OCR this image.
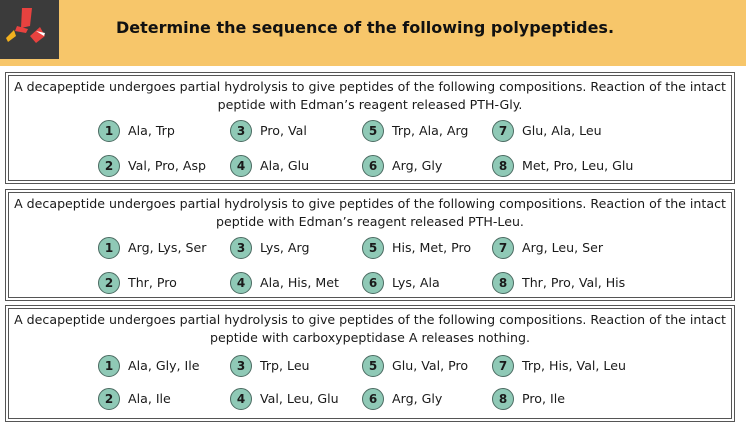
Determine the sequence of the following polypeptides.
A decapeptide undergoes partial hydrolysis to give peptides of the following compositions. Reaction of the intact peptide with Edman’s reagent released PTH-Gly.
1	Ala, Trp	3	Pro, Val	5	Trp, Ala, Arg	7	Glu, Ala, Leu
2	Val, Pro, Asp	4	Ala, Glu	6	Arg, Gly	8	Met, Pro, Leu, Glu
A decapeptide undergoes partial hydrolysis to give peptides of the following compositions. Reaction of the intact peptide with Edman’s reagent released PTH-Leu.
1	Arg, Lys, Ser	3	Lys, Arg	5	His, Met, Pro	7	Arg, Leu, Ser
2	Thr, Pro	4	Ala, His, Met	6	Lys, Ala	8	Thr, Pro, Val, His
A decapeptide undergoes partial hydrolysis to give peptides of the following compositions. Reaction of the intact peptide with carboxypeptidase A releases nothing.
1	Ala, Gly, Ile	3	Trp, Leu	5	Glu, Val, Pro	7	Trp, His, Val, Leu
2	Ala, Ile	4	Val, Leu, Glu	6	Arg, Gly	8	Pro, Ile
